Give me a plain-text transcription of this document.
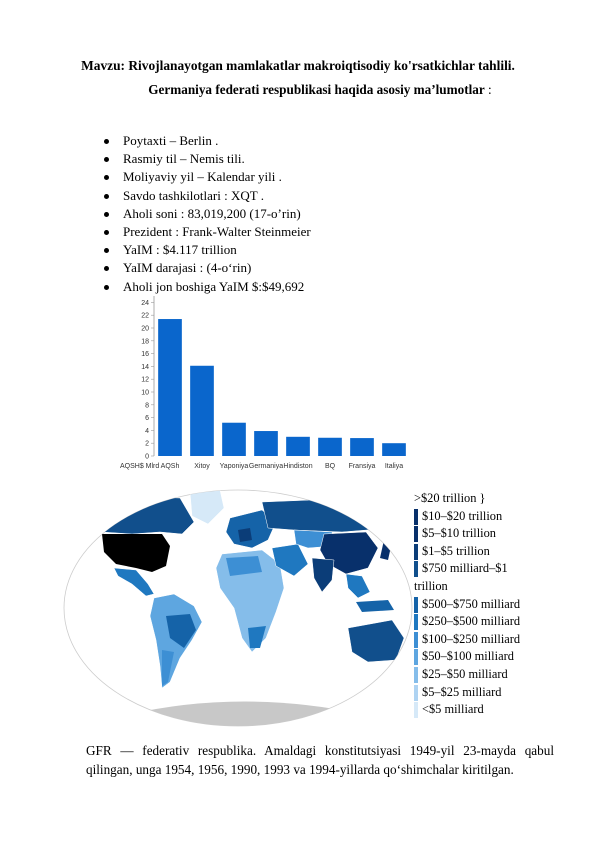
Mavzu: Rivojlanayotgan mamlakatlar makroiqtisodiy ko'rsatkichlar tahlili.
Germaniya federati respublikasi haqida asosiy ma’lumotlar :
Poytaxti – Berlin .
Rasmiy til – Nemis tili.
Moliyaviy yil – Kalendar yili .
Savdo tashkilotlari : XQT .
Aholi soni : 83,019,200 (17-o’rin)
Prezident : Frank-Walter Steinmeier
YaIM : $4.117 trillion
YaIM darajasi : (4-o‘rin)
Aholi jon boshiga YaIM $:$49,692
0
2
4
6
8
10
12
14
16
18
20
22
24
AQSh Xitoy Yaponiya Germaniya Hindiston BQ Fransiya Italiya
AQSH$ Mlrd
>$20 trillion }
$10–$20 trillion
$5–$10 trillion
$1–$5 trillion
$750 milliard–$1
trillion
$500–$750 milliard
$250–$500 milliard
$100–$250 milliard
$50–$100 milliard
$25–$50 milliard
$5–$25 milliard
<$5 milliard
GFR — federativ respublika. Amaldagi konstitutsiyasi 1949-yil 23-mayda qabul qilingan, unga 1954, 1956, 1990, 1993 va 1994-yillarda qo‘shimchalar kiritilgan.
